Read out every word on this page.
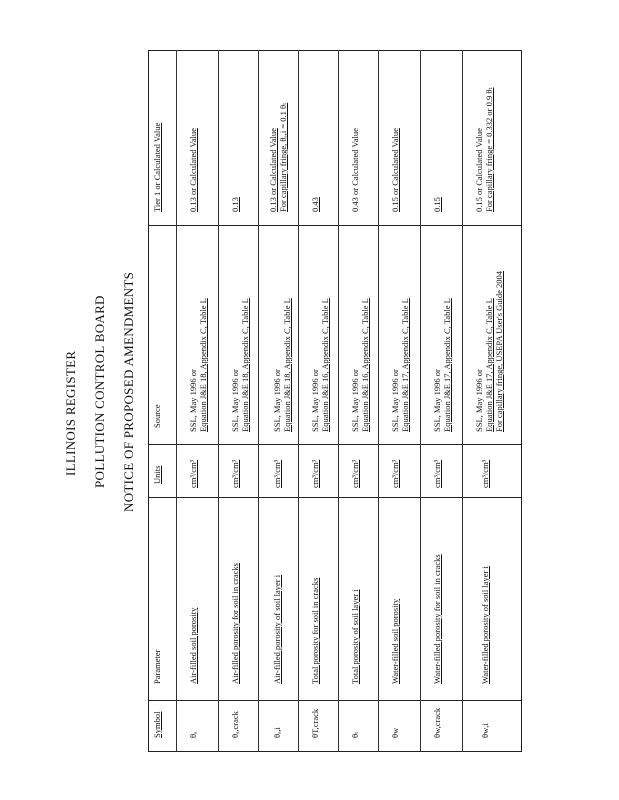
ILLINOIS REGISTER POLLUTION CONTROL BOARD NOTICE OF PROPOSED AMENDMENTS
Symbol
Parameter
Units
Source
Tier 1 or Calculated Value
θₐ
Air-filled soil porosity
cm³/cm³
SSL, May 1996 or Equation J&E 18, Appendix C, Table L
0.13 or Calculated Value
θₐ,crack
Air-filled porosity for soil in cracks
cm³/cm³
SSL, May 1996 or Equation J&E 18, Appendix C, Table L
0.13
θₐ,i
Air-filled porosity of soil layer i
cm³/cm³
SSL, May 1996 or Equation J&E 18, Appendix C, Table L
0.13 or Calculated Value For capillary fringe, θₐ,i = 0.1 θₜ
θT,crack
Total porosity for soil in cracks
cm³/cm³
SSL, May 1996 or Equation J&E 16, Appendix C, Table L
0.43
θₜ
Total porosity of soil layer i
cm³/cm³
SSL, May 1996 or Equation J&E 16, Appendix C, Table L
0.43 or Calculated Value
θᴡ
Water-filled soil porosity
cm³/cm³
SSL, May 1996 or Equation J&E 17, Appendix C, Table L
0.15 or Calculated Value
θw,crack
Water-filled porosity for soil in cracks
cm³/cm³
SSL, May 1996 or Equation J&E 17, Appendix C, Table L
0.15
θᴡ,i
Water-filled porosity of soil layer i
cm³/cm³
SSL, May 1996 or Equation J&E 17, Appendix C, Table L For capillary fringe, USEPA User's Guide 2004
0.15 or Calculated Value For capillary fringe = 0.332 or 0.9 θₜ
